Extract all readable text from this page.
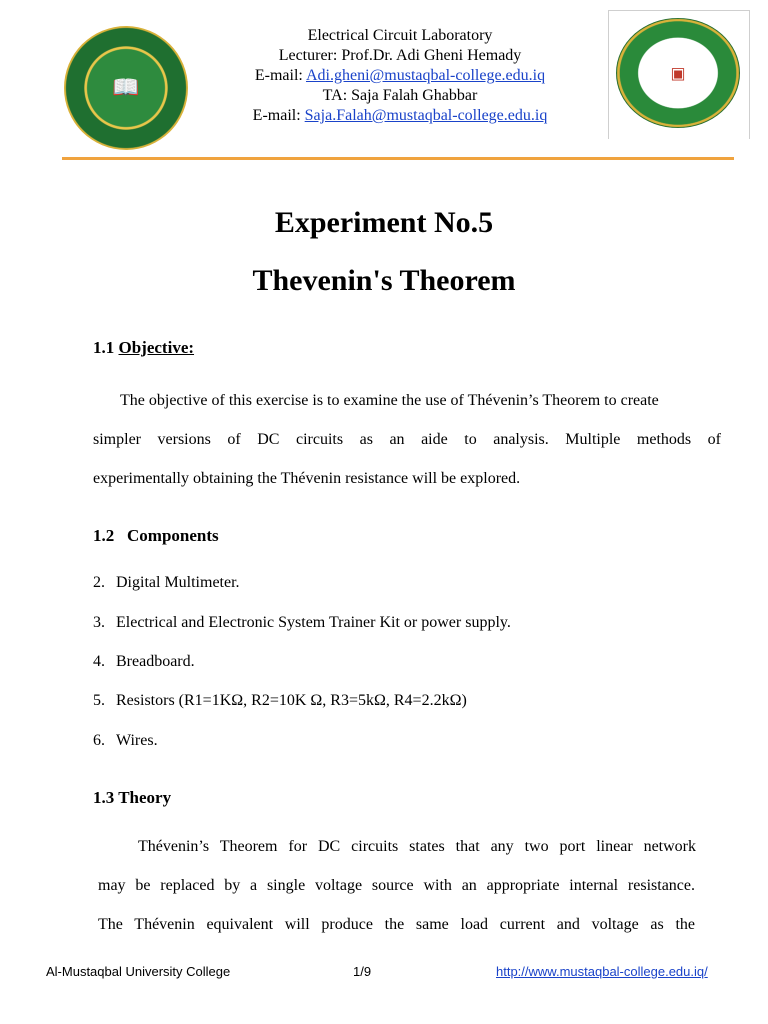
📖
▣
Electrical Circuit Laboratory
Lecturer: Prof.Dr. Adi Gheni Hemady
E-mail: Adi.gheni@mustaqbal-college.edu.iq
TA: Saja Falah Ghabbar
E-mail: Saja.Falah@mustaqbal-college.edu.iq
Experiment No.5
Thevenin's Theorem
1.1 Objective:
The objective of this exercise is to examine the use of Thévenin’s Theorem to create
simpler versions of DC circuits as an aide to analysis. Multiple methods of
experimentally obtaining the Thévenin resistance will be explored.
1.2   Components
2. Digital Multimeter.
3. Electrical and Electronic System Trainer Kit or power supply.
4. Breadboard.
5. Resistors (R1=1KΩ, R2=10K Ω, R3=5kΩ, R4=2.2kΩ)
6. Wires.
1.3 Theory
Thévenin’s Theorem for DC circuits states that any two port linear network
may be replaced by a single voltage source with an appropriate internal resistance.
The Thévenin equivalent will produce the same load current and voltage as the
Al-Mustaqbal University College	1/9	http://www.mustaqbal-college.edu.iq/
